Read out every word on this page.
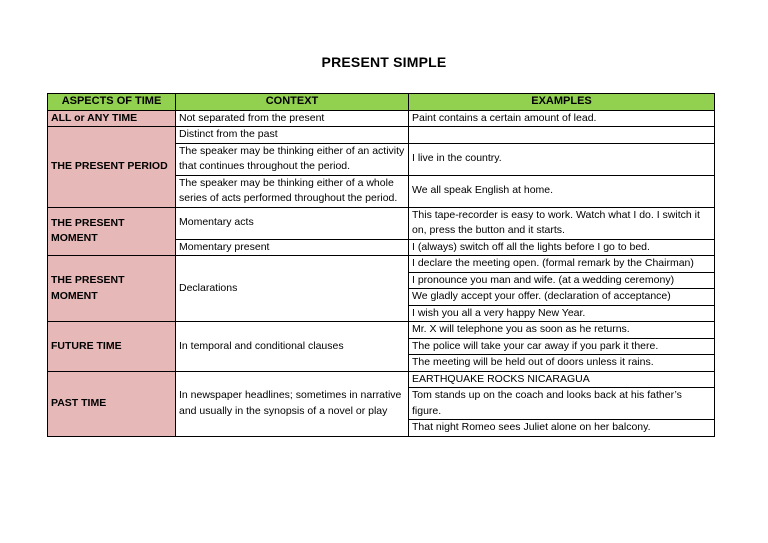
PRESENT SIMPLE
ASPECTS OF TIME	CONTEXT	EXAMPLES
ALL or ANY TIME	Not separated from the present	Paint contains a certain amount of lead.
THE PRESENT PERIOD	Distinct from the past	
	The speaker may be thinking either of an activity that continues throughout the period.	I live in the country.
	The speaker may be thinking either of a whole series of acts performed throughout the period.	We all speak English at home.
THE PRESENT MOMENT	Momentary acts	This tape-recorder is easy to work. Watch what I do. I switch it on, press the button and it starts.
	Momentary present	I (always) switch off all the lights before I go to bed.
THE PRESENT MOMENT	Declarations	I declare the meeting open. (formal remark by the Chairman)
		I pronounce you man and wife. (at a wedding ceremony)
		We gladly accept your offer. (declaration of acceptance)
		I wish you all a very happy New Year.
FUTURE TIME	In temporal and conditional clauses	Mr. X will telephone you as soon as he returns.
		The police will take your car away if you park it there.
		The meeting will be held out of doors unless it rains.
PAST TIME	In newspaper headlines; sometimes in narrative and usually in the synopsis of a novel or play	EARTHQUAKE ROCKS NICARAGUA
		Tom stands up on the coach and looks back at his father’s figure.
		That night Romeo sees Juliet alone on her balcony.
